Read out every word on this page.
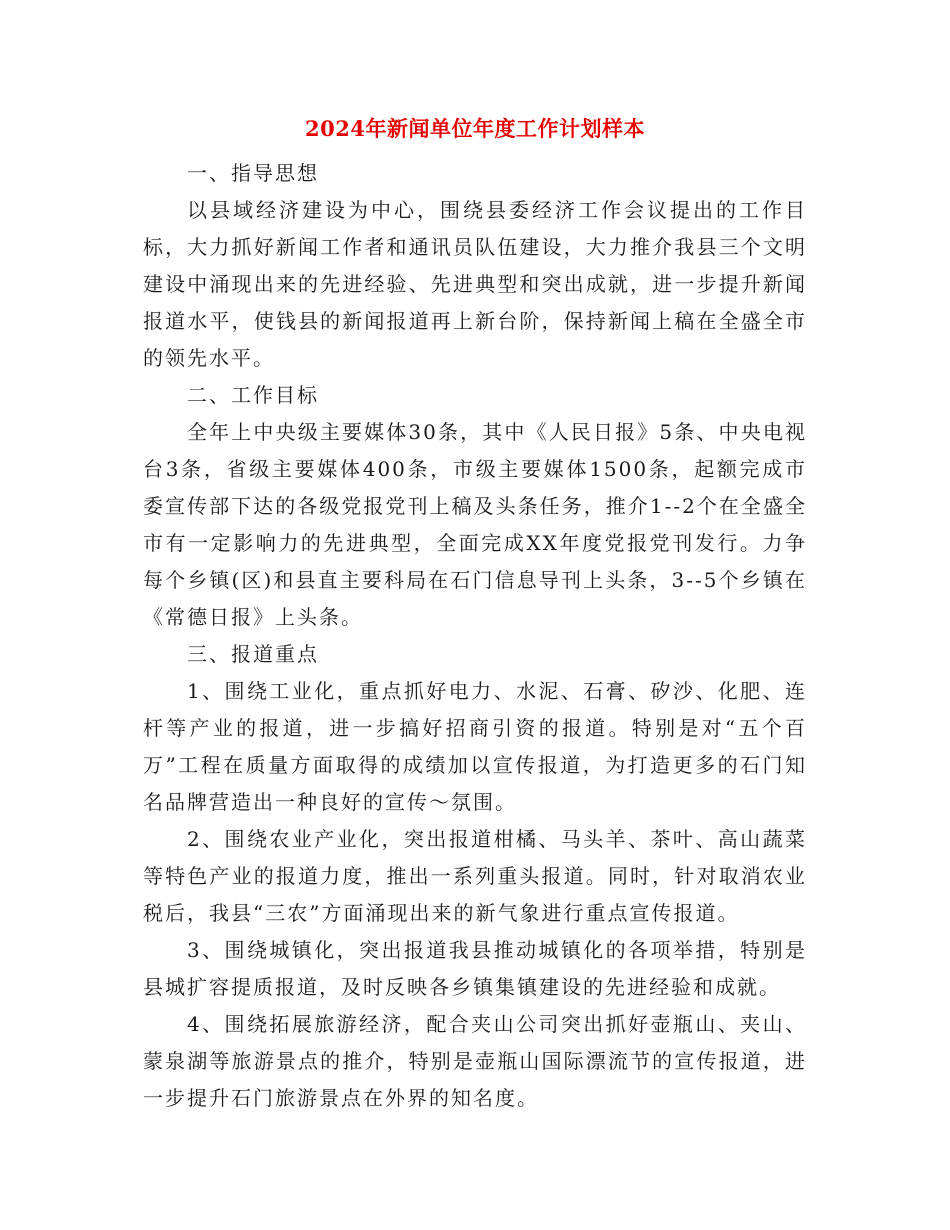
2024年新闻单位年度工作计划样本

一、指导思想

以县域经济建设为中心，围绕县委经济工作会议提出的工作目标，大力抓好新闻工作者和通讯员队伍建设，大力推介我县三个文明建设中涌现出来的先进经验、先进典型和突出成就，进一步提升新闻报道水平，使钱县的新闻报道再上新台阶，保持新闻上稿在全盛全市的领先水平。

二、工作目标

全年上中央级主要媒体30条，其中《人民日报》5条、中央电视台3条，省级主要媒体400条，市级主要媒体1500条，起额完成市委宣传部下达的各级党报党刊上稿及头条任务，推介1--2个在全盛全市有一定影响力的先进典型，全面完成XX年度党报党刊发行。力争每个乡镇(区)和县直主要科局在石门信息导刊上头条，3--5个乡镇在《常德日报》上头条。

三、报道重点

1、围绕工业化，重点抓好电力、水泥、石膏、矽沙、化肥、连杆等产业的报道，进一步搞好招商引资的报道。特别是对“五个百万”工程在质量方面取得的成绩加以宣传报道，为打造更多的石门知名品牌营造出一种良好的宣传～氛围。

2、围绕农业产业化，突出报道柑橘、马头羊、茶叶、高山蔬菜等特色产业的报道力度，推出一系列重头报道。同时，针对取消农业税后，我县“三农”方面涌现出来的新气象进行重点宣传报道。

3、围绕城镇化，突出报道我县推动城镇化的各项举措，特别是县城扩容提质报道，及时反映各乡镇集镇建设的先进经验和成就。

4、围绕拓展旅游经济，配合夹山公司突出抓好壶瓶山、夹山、蒙泉湖等旅游景点的推介，特别是壶瓶山国际漂流节的宣传报道，进一步提升石门旅游景点在外界的知名度。
